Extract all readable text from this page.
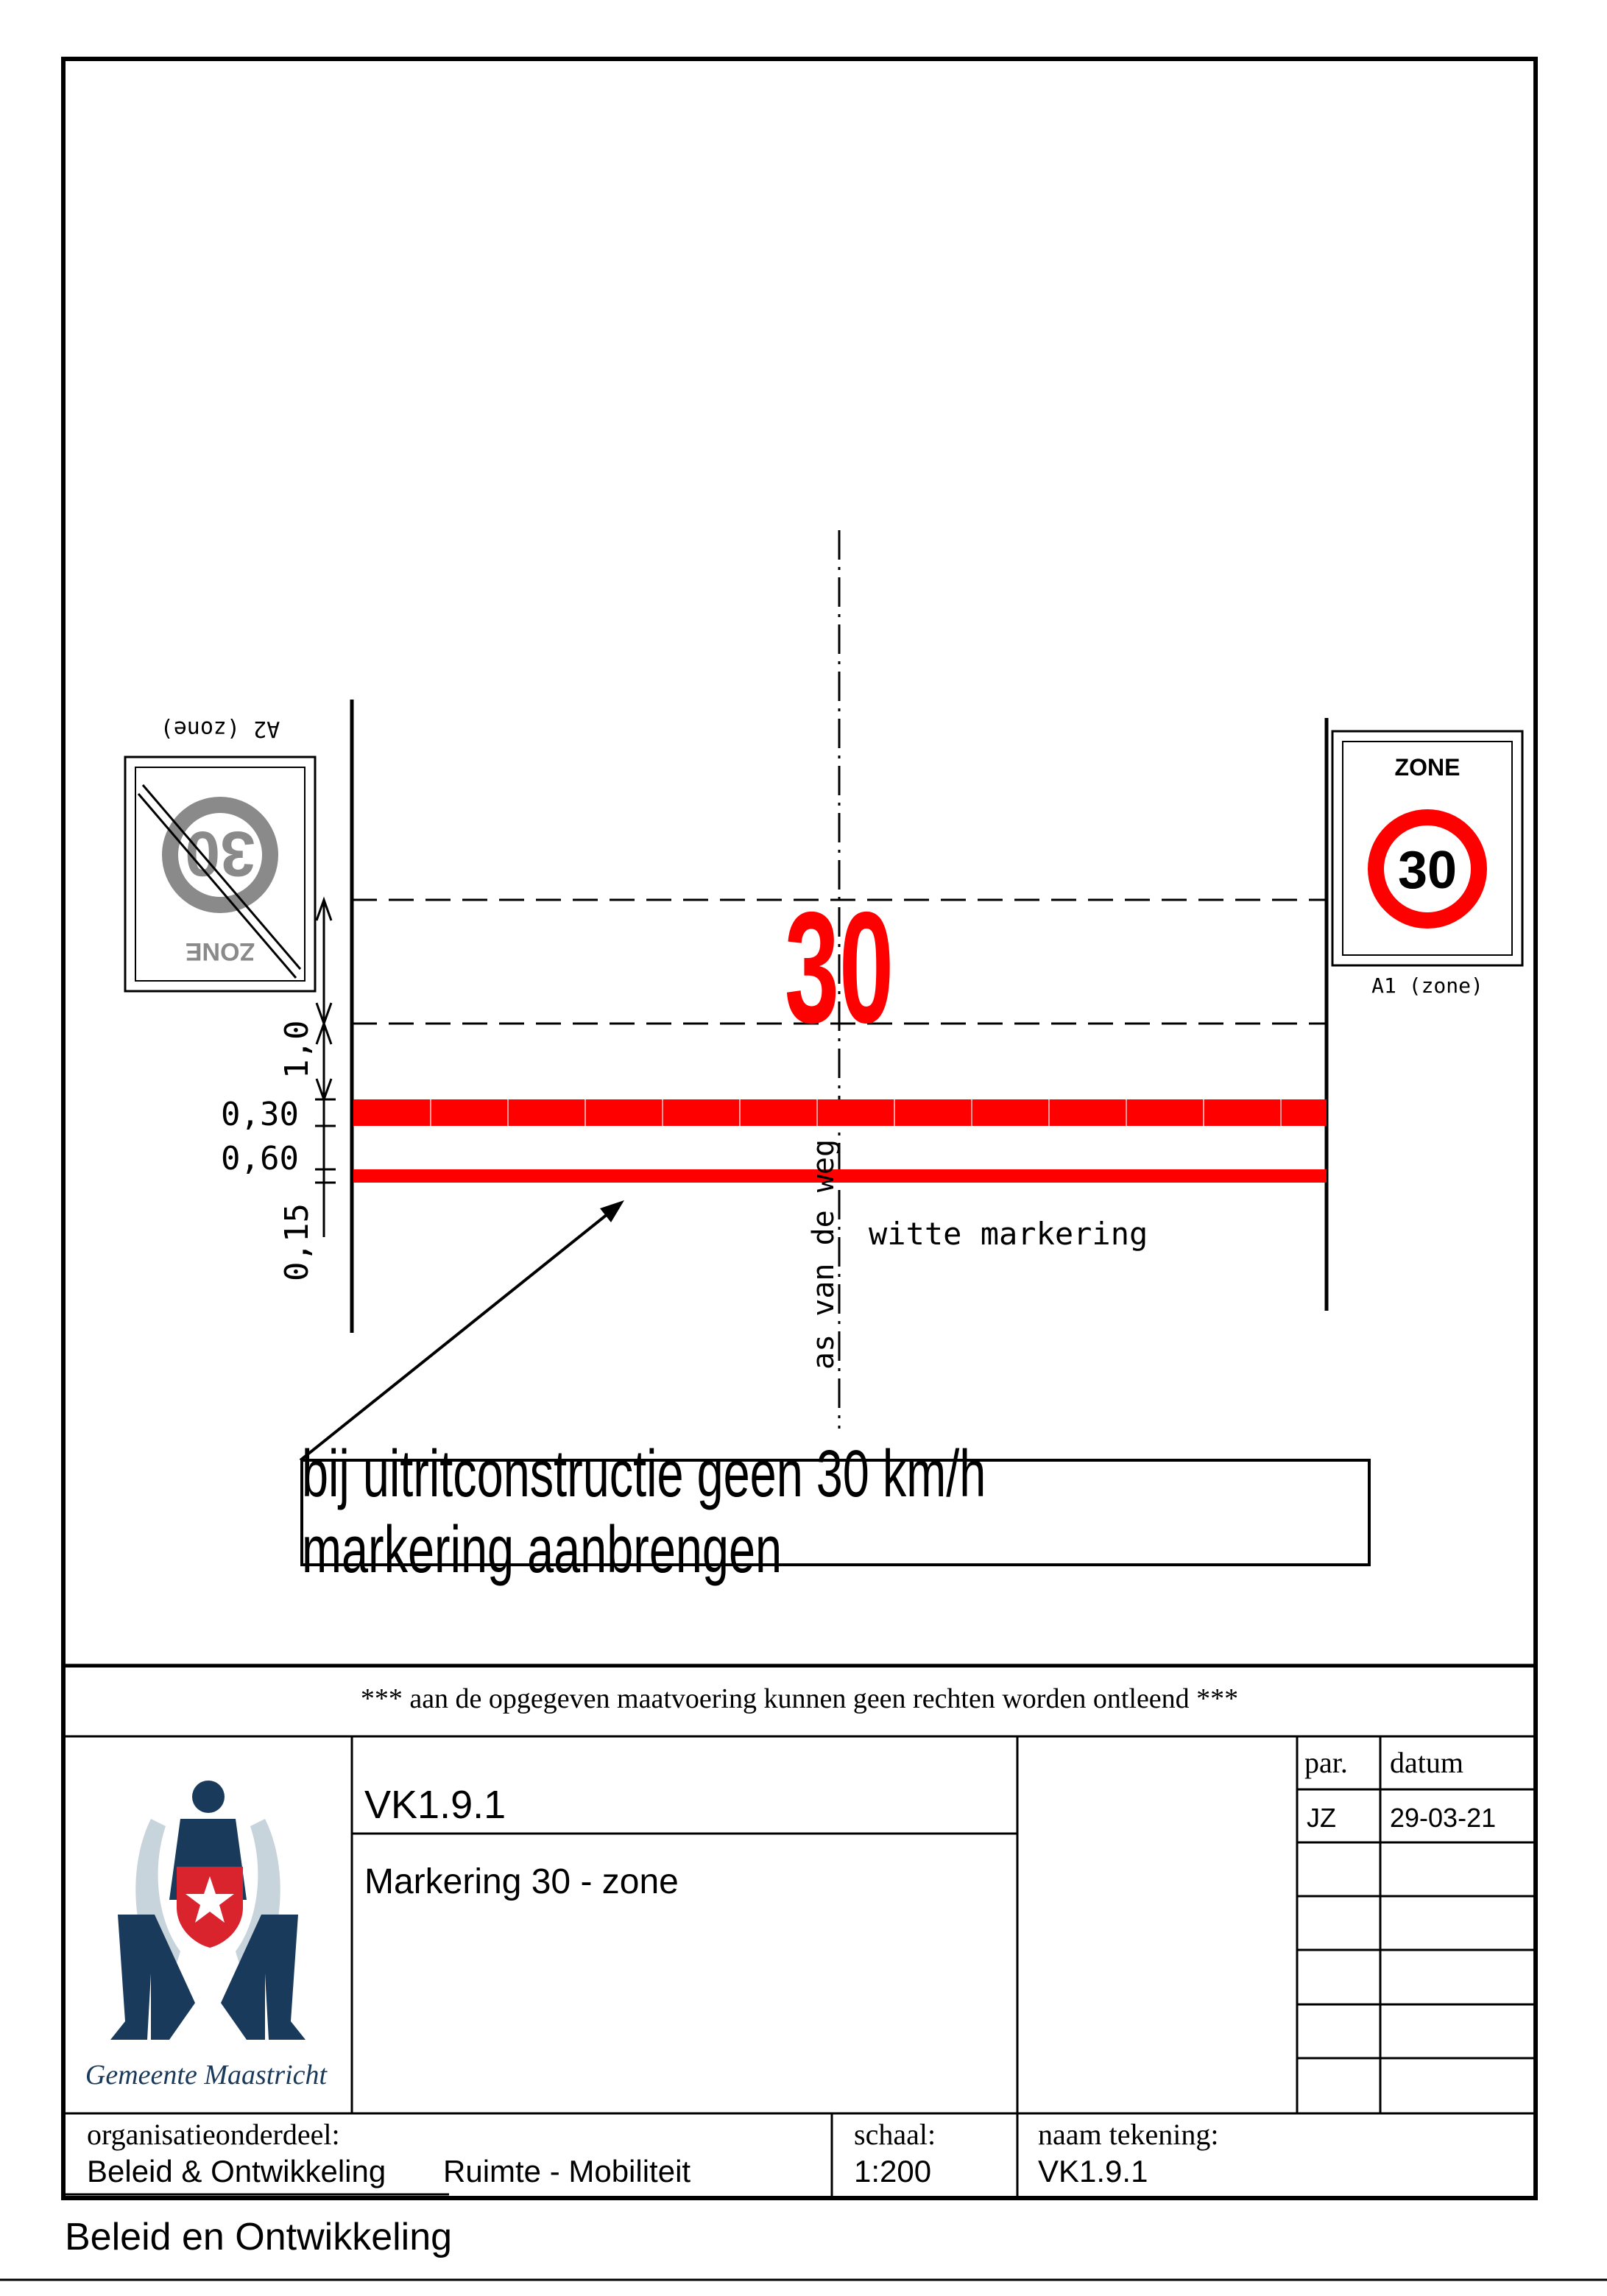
30
1,0
0,30
0,60
0,15	as van de weg witte markering
30
ZONE
A2 (zone)
ZONE
30
A1 (zone)
Gemeente Maastricht
bij uitritconstructie geen 30 km/h markering aanbrengen
*** aan de opgegeven maatvoering kunnen geen rechten worden ontleend ***
VK1.9.1
Markering 30 - zone
par. datum
JZ 29-03-21
organisatieonderdeel:
Beleid & Ontwikkeling Ruimte - Mobiliteit
schaal:
1:200
naam tekening:
VK1.9.1
Beleid en Ontwikkeling
